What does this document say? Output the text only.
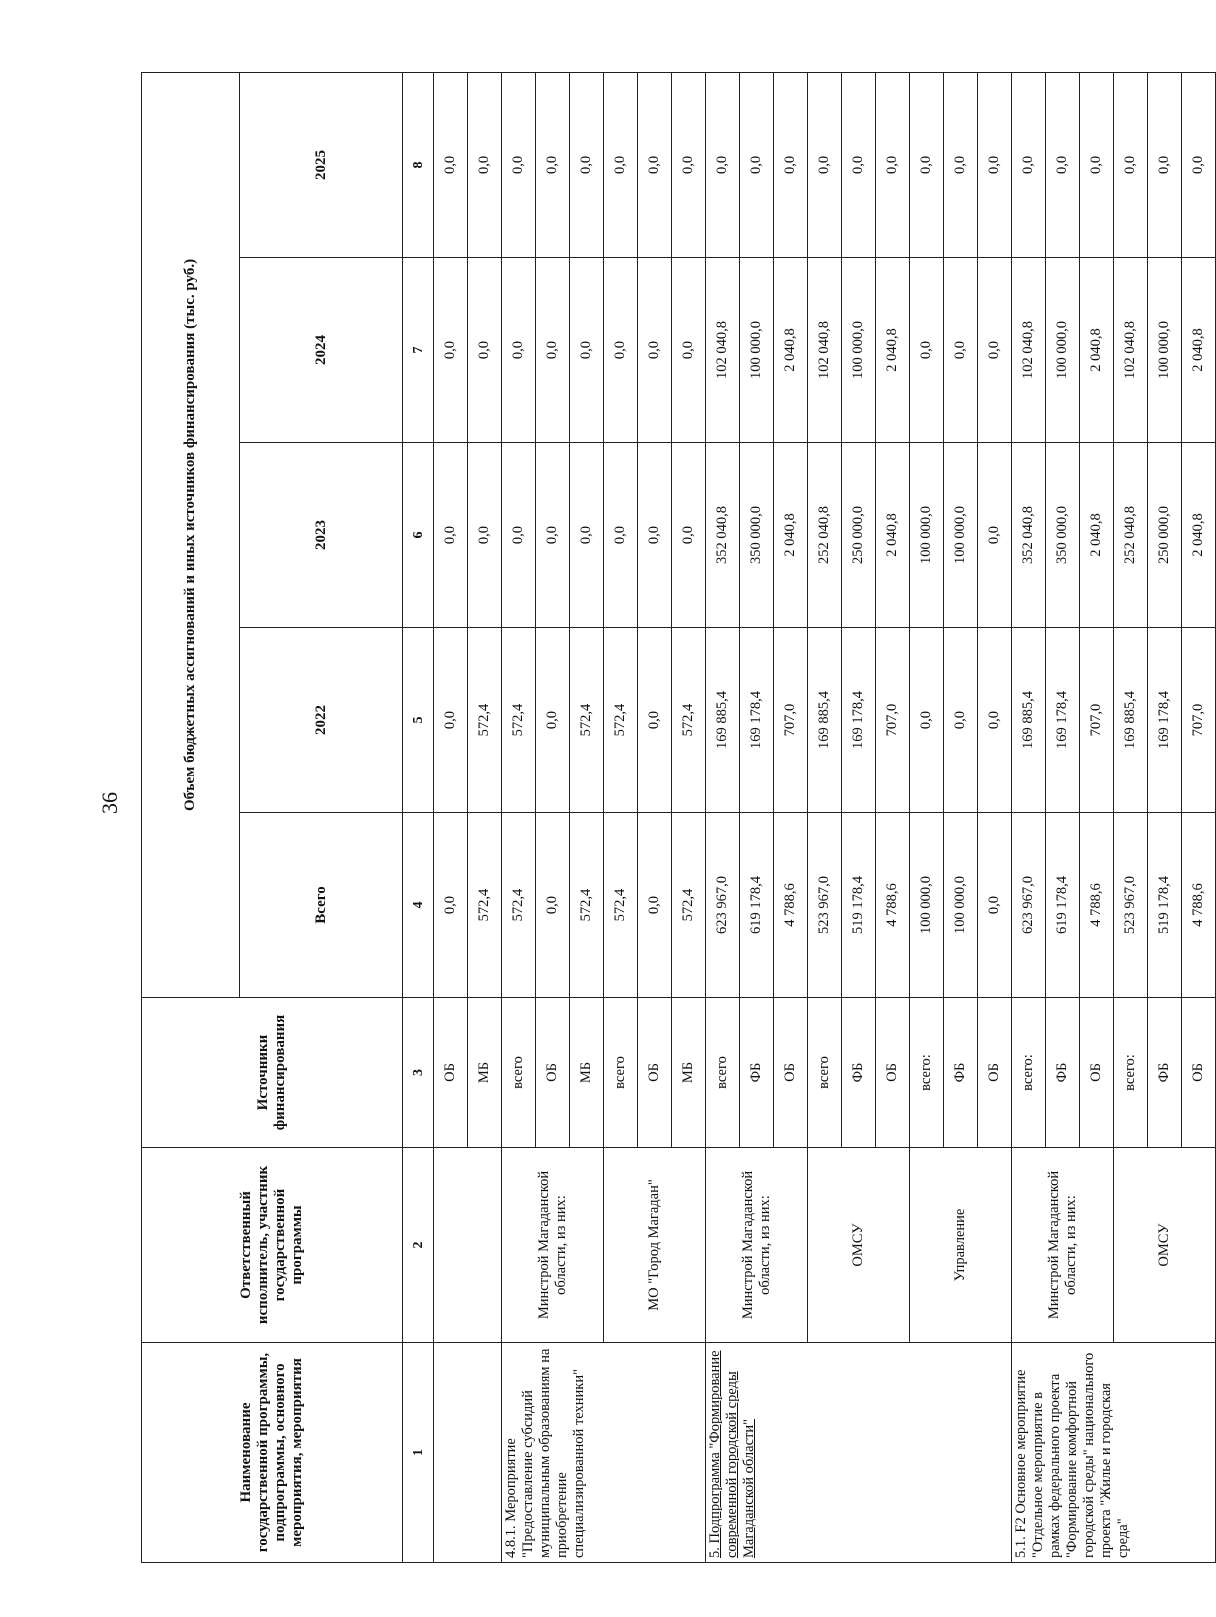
36
Наименование государственной программы, подпрограммы, основного мероприятия, мероприятия	Ответственный исполнитель, участник государственной программы	Источники финансирования	Объем бюджетных ассигнований и иных источников финансирования (тыс. руб.)				
			Всего	2022	2023	2024	2025
1	2	3	4	5	6	7	8
		ОБ	0,0	0,0	0,0	0,0	0,0
		МБ	572,4	572,4	0,0	0,0	0,0
4.8.1. Мероприятие "Предоставление субсидий муниципальным образованиям на приобретение специализированной техники"	Минстрой Магаданской области, из них:	всего	572,4	572,4	0,0	0,0	0,0
		ОБ	0,0	0,0	0,0	0,0	0,0
		МБ	572,4	572,4	0,0	0,0	0,0
	МО "Город Магадан"	всего	572,4	572,4	0,0	0,0	0,0
		ОБ	0,0	0,0	0,0	0,0	0,0
		МБ	572,4	572,4	0,0	0,0	0,0
5. Подпрограмма "Формирование современной городской среды Магаданской области"	Минстрой Магаданской области, из них:	всего	623 967,0	169 885,4	352 040,8	102 040,8	0,0
		ФБ	619 178,4	169 178,4	350 000,0	100 000,0	0,0
		ОБ	4 788,6	707,0	2 040,8	2 040,8	0,0
	ОМСУ	всего	523 967,0	169 885,4	252 040,8	102 040,8	0,0
		ФБ	519 178,4	169 178,4	250 000,0	100 000,0	0,0
		ОБ	4 788,6	707,0	2 040,8	2 040,8	0,0
	Управление	всего:	100 000,0	0,0	100 000,0	0,0	0,0
		ФБ	100 000,0	0,0	100 000,0	0,0	0,0
		ОБ	0,0	0,0	0,0	0,0	0,0
5.1. F2 Основное мероприятие "Отдельное мероприятие в рамках федерального проекта "Формирование комфортной городской среды" национального проекта "Жилье и городская среда"	Минстрой Магаданской области, из них:	всего:	623 967,0	169 885,4	352 040,8	102 040,8	0,0
		ФБ	619 178,4	169 178,4	350 000,0	100 000,0	0,0
		ОБ	4 788,6	707,0	2 040,8	2 040,8	0,0
	ОМСУ	всего:	523 967,0	169 885,4	252 040,8	102 040,8	0,0
		ФБ	519 178,4	169 178,4	250 000,0	100 000,0	0,0
		ОБ	4 788,6	707,0	2 040,8	2 040,8	0,0
